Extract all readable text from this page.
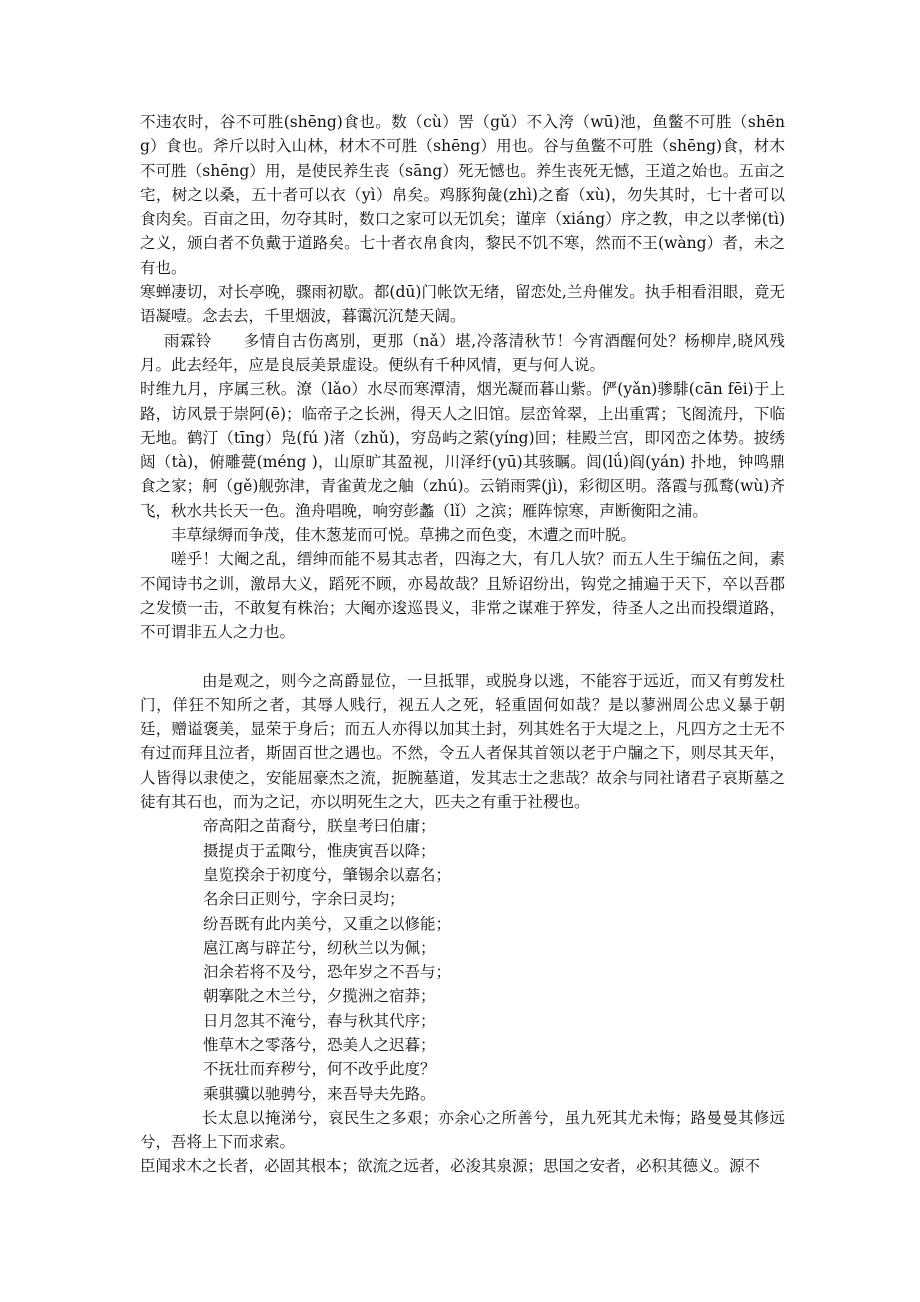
不违农时，谷不可胜(shēng)食也。数（cù）罟（gǔ）不入洿（wū)池，鱼鳖不可胜（shēng）食也。斧斤以时入山林，材木不可胜（shēng）用也。谷与鱼鳖不可胜（shēng)食，材木不可胜（shēng）用，是使民养生丧（sāng）死无憾也。养生丧死无憾，王道之始也。五亩之宅，树之以桑，五十者可以衣（yì）帛矣。鸡豚狗彘(zhì)之畜（xù)，勿失其时，七十者可以食肉矣。百亩之田，勿夺其时，数口之家可以无饥矣；谨庠（xiáng）序之教，申之以孝悌(tì)之义，颁白者不负戴于道路矣。七十者衣帛食肉，黎民不饥不寒，然而不王(wàng）者，未之有也。

寒蝉凄切，对长亭晚，骤雨初歇。都(dū)门帐饮无绪，留恋处,兰舟催发。执手相看泪眼，竟无语凝噎。念去去，千里烟波，暮霭沉沉楚天阔。

雨霖铃　　多情自古伤离别，更那（nǎ）堪,冷落清秋节！今宵酒醒何处？杨柳岸,晓风残月。此去经年，应是良辰美景虚设。便纵有千种风情，更与何人说。

时维九月，序属三秋。潦（lǎo）水尽而寒潭清，烟光凝而暮山紫。俨(yǎn)骖騑(cān fēi)于上路，访风景于崇阿(ē)；临帝子之长洲，得天人之旧馆。层峦耸翠，上出重霄；飞阁流丹，下临无地。鹤汀（tīng）凫(fú )渚（zhǔ)，穷岛屿之萦(yíng)回；桂殿兰宫，即冈峦之体势。披绣闼（tà)，俯雕甍(méng )，山原旷其盈视，川泽纡(yū)其骇瞩。闾(lǘ)阎(yán) 扑地，钟鸣鼎食之家；舸（gě)舰弥津，青雀黄龙之舳（zhú)。云销雨霁(jì)，彩彻区明。落霞与孤鹜(wù)齐飞，秋水共长天一色。渔舟唱晚，响穷彭蠡（lǐ）之滨；雁阵惊寒，声断衡阳之浦。

丰草绿缛而争茂，佳木葱茏而可悦。草拂之而色变，木遭之而叶脱。

嗟乎！大阉之乱，缙绅而能不易其志者，四海之大，有几人欤？而五人生于编伍之间，素不闻诗书之训，激昂大义，蹈死不顾，亦曷故哉？且矫诏纷出，钩党之捕遍于天下，卒以吾郡之发愤一击，不敢复有株治；大阉亦逡巡畏义，非常之谋难于猝发，待圣人之出而投缳道路，不可谓非五人之力也。

由是观之，则今之高爵显位，一旦抵罪，或脱身以逃，不能容于远近，而又有剪发杜门，佯狂不知所之者，其辱人贱行，视五人之死，轻重固何如哉？是以蓼洲周公忠义暴于朝廷，赠谥褒美，显荣于身后；而五人亦得以加其土封，列其姓名于大堤之上，凡四方之士无不有过而拜且泣者，斯固百世之遇也。不然，令五人者保其首领以老于户牖之下，则尽其天年，人皆得以隶使之，安能屈豪杰之流，扼腕墓道，发其志士之悲哉？故余与同社诸君子哀斯墓之徒有其石也，而为之记，亦以明死生之大，匹夫之有重于社稷也。

帝高阳之苗裔兮，朕皇考曰伯庸；

摄提贞于孟陬兮，惟庚寅吾以降；

皇览揆余于初度兮，肇锡余以嘉名；

名余曰正则兮，字余曰灵均；

纷吾既有此内美兮，又重之以修能；

扈江离与辟芷兮，纫秋兰以为佩；

汩余若将不及兮，恐年岁之不吾与；

朝搴阰之木兰兮，夕揽洲之宿莽；

日月忽其不淹兮，春与秋其代序；

惟草木之零落兮，恐美人之迟暮；

不抚壮而弃秽兮，何不改乎此度？

乘骐骥以驰骋兮，来吾导夫先路。

长太息以掩涕兮，哀民生之多艰；亦余心之所善兮，虽九死其尤未悔；路曼曼其修远兮，吾将上下而求索。

臣闻求木之长者，必固其根本；欲流之远者，必浚其泉源；思国之安者，必积其德义。源不
